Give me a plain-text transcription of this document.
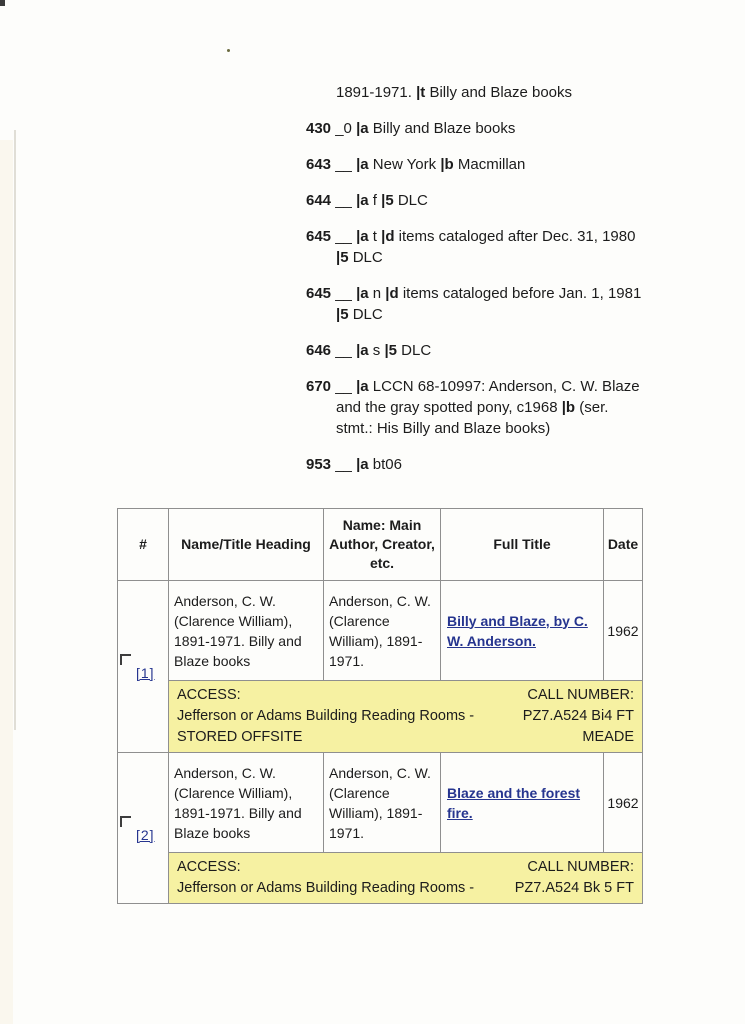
1891-1971. |t Billy and Blaze books
430 _0 |a Billy and Blaze books
643 __ |a New York |b Macmillan
644 __ |a f |5 DLC
645 __ |a t |d items cataloged after Dec. 31, 1980
|5 DLC
645 __ |a n |d items cataloged before Jan. 1, 1981
|5 DLC
646 __ |a s |5 DLC
670 __ |a LCCN 68-10997: Anderson, C. W. Blaze
and the gray spotted pony, c1968 |b (ser.
stmt.: His Billy and Blaze books)
953 __ |a bt06
#	Name/Title Heading	Name: Main Author, Creator, etc.	Full Title	Date

[1]	Anderson, C. W. (Clarence William), 1891-1971. Billy and Blaze books	Anderson, C. W. (Clarence William), 1891-1971.	Billy and Blaze, by C. W. Anderson.	1962

	ACCESS:
Jefferson or Adams Building Reading Rooms - STORED OFFSITE
CALL NUMBER:
PZ7.A524 Bi4 FT MEADE			

[2]	Anderson, C. W. (Clarence William), 1891-1971. Billy and Blaze books	Anderson, C. W. (Clarence William), 1891-1971.	Blaze and the forest fire.	1962

	ACCESS:
Jefferson or Adams Building Reading Rooms -
CALL NUMBER:
PZ7.A524 Bk 5 FT			
